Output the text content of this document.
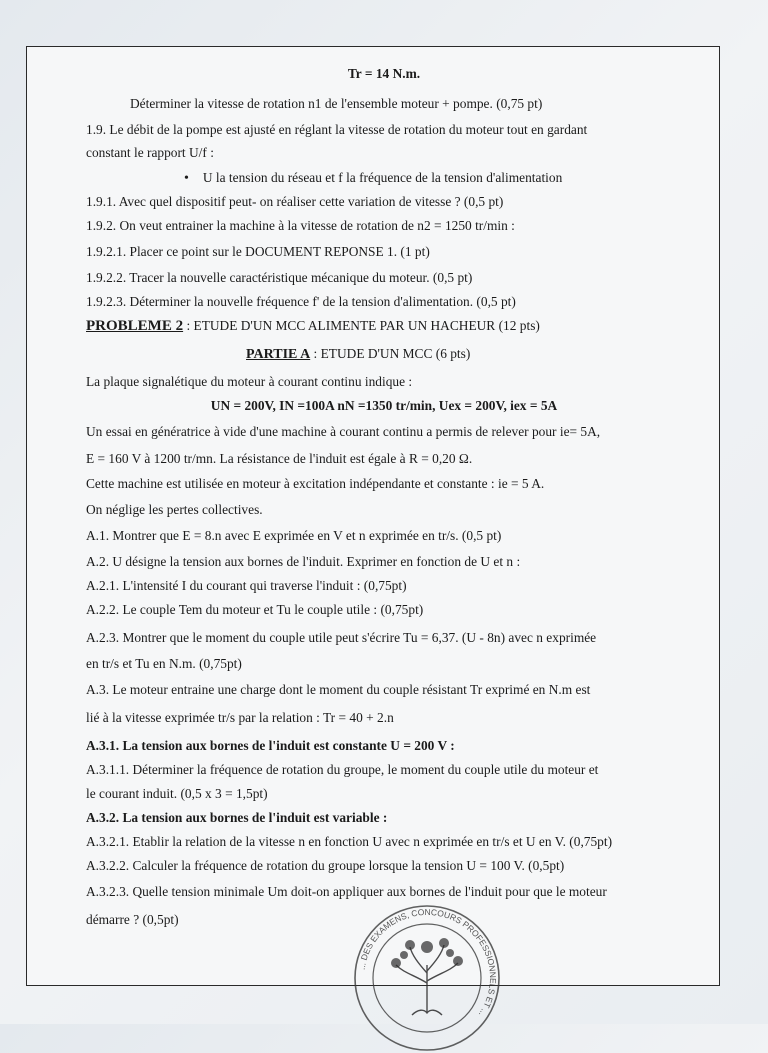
Tr = 14 N.m.
Déterminer la vitesse de rotation n1 de l'ensemble moteur + pompe. (0,75 pt)
1.9. Le débit de la pompe est ajusté en réglant la vitesse de rotation du moteur tout en gardant
constant le rapport U/f :
• U la tension du réseau et f la fréquence de la tension d'alimentation
1.9.1. Avec quel dispositif peut- on réaliser cette variation de vitesse ? (0,5 pt)
1.9.2. On veut entrainer la machine à la vitesse de rotation de n2 = 1250 tr/min :
1.9.2.1. Placer ce point sur le DOCUMENT REPONSE 1. (1 pt)
1.9.2.2. Tracer la nouvelle caractéristique mécanique du moteur. (0,5 pt)
1.9.2.3. Déterminer la nouvelle fréquence f' de la tension d'alimentation. (0,5 pt)
PROBLEME 2 : ETUDE D'UN MCC ALIMENTE PAR UN HACHEUR (12 pts)
PARTIE A : ETUDE D'UN MCC (6 pts)
La plaque signalétique du moteur à courant continu indique :
UN = 200V, IN =100A nN =1350 tr/min, Uex = 200V, iex = 5A
Un essai en génératrice à vide d'une machine à courant continu a permis de relever pour ie= 5A,
E = 160 V à 1200 tr/mn. La résistance de l'induit est égale à R = 0,20 Ω.
Cette machine est utilisée en moteur à excitation indépendante et constante : ie = 5 A.
On néglige les pertes collectives.
A.1. Montrer que E = 8.n avec E exprimée en V et n exprimée en tr/s. (0,5 pt)
A.2. U désigne la tension aux bornes de l'induit. Exprimer en fonction de U et n :
A.2.1. L'intensité I du courant qui traverse l'induit : (0,75pt)
A.2.2. Le couple Tem du moteur et Tu le couple utile : (0,75pt)
A.2.3. Montrer que le moment du couple utile peut s'écrire Tu = 6,37. (U - 8n) avec n exprimée
en tr/s et Tu en N.m. (0,75pt)
A.3. Le moteur entraine une charge dont le moment du couple résistant Tr exprimé en N.m est
lié à la vitesse exprimée tr/s par la relation : Tr = 40 + 2.n
A.3.1. La tension aux bornes de l'induit est constante U = 200 V :
A.3.1.1. Déterminer la fréquence de rotation du groupe, le moment du couple utile du moteur et
le courant induit. (0,5 x 3 = 1,5pt)
A.3.2. La tension aux bornes de l'induit est variable :
A.3.2.1. Etablir la relation de la vitesse n en fonction U avec n exprimée en tr/s et U en V. (0,75pt)
A.3.2.2. Calculer la fréquence de rotation du groupe lorsque la tension U = 100 V. (0,5pt)
A.3.2.3. Quelle tension minimale Um doit-on appliquer aux bornes de l'induit pour que le moteur
démarre ? (0,5pt)
... DES EXAMENS, CONCOURS PROFESSIONNELS ET ...
